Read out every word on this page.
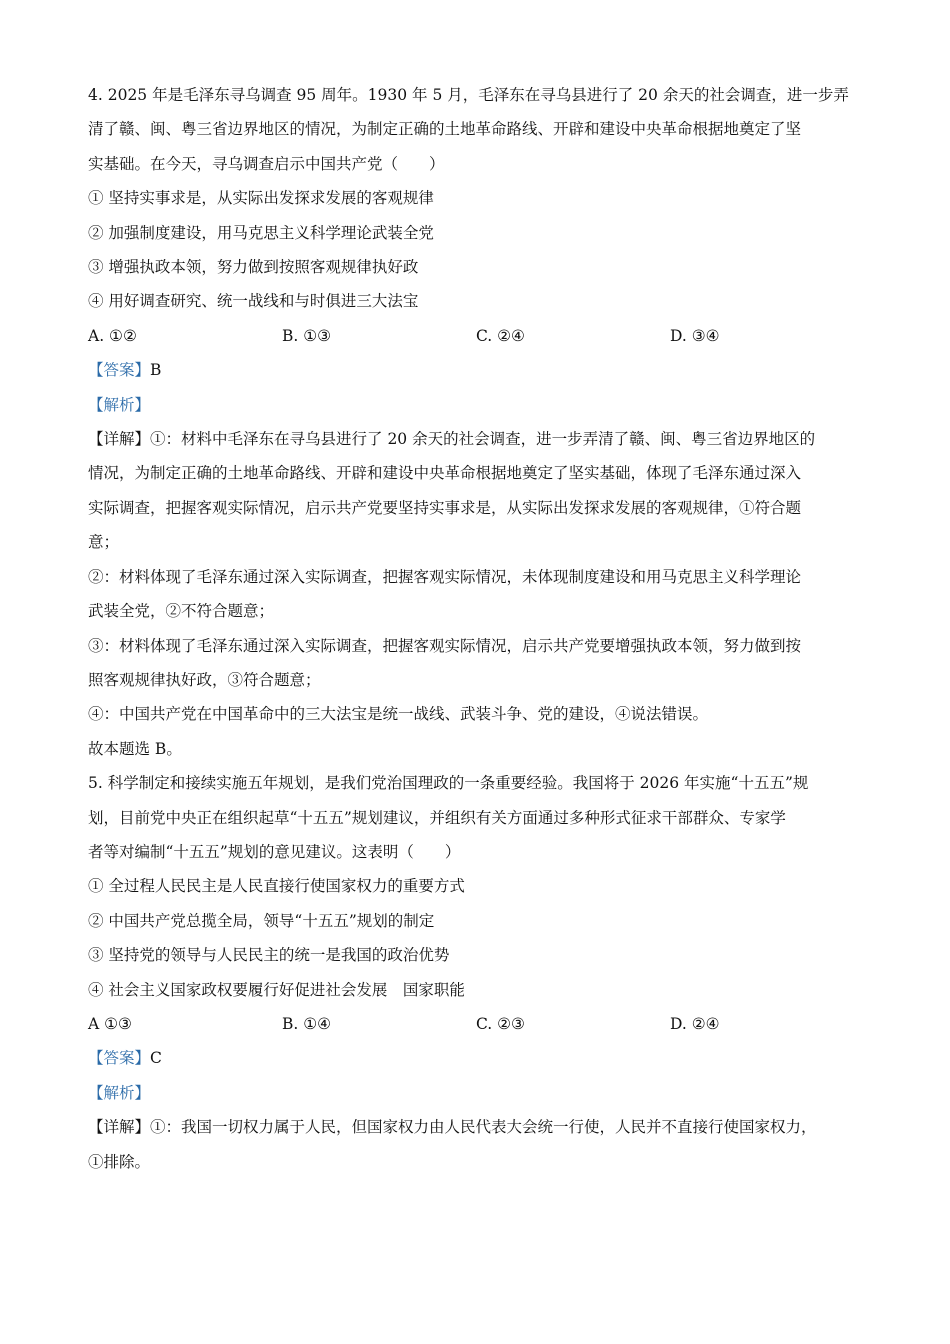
4. 2025 年是毛泽东寻乌调查 95 周年。1930 年 5 月，毛泽东在寻乌县进行了 20 余天的社会调查，进一步弄
清了赣、闽、粤三省边界地区的情况，为制定正确的土地革命路线、开辟和建设中央革命根据地奠定了坚
实基础。在今天，寻乌调查启示中国共产党（　　）
① 坚持实事求是，从实际出发探求发展的客观规律
② 加强制度建设，用马克思主义科学理论武装全党
③ 增强执政本领，努力做到按照客观规律执好政
④ 用好调查研究、统一战线和与时俱进三大法宝
A. ①②	B. ①③	C. ②④	D. ③④
【答案】B
【解析】
【详解】①：材料中毛泽东在寻乌县进行了 20 余天的社会调查，进一步弄清了赣、闽、粤三省边界地区的
情况，为制定正确的土地革命路线、开辟和建设中央革命根据地奠定了坚实基础，体现了毛泽东通过深入
实际调查，把握客观实际情况，启示共产党要坚持实事求是，从实际出发探求发展的客观规律，①符合题
意；
②：材料体现了毛泽东通过深入实际调查，把握客观实际情况，未体现制度建设和用马克思主义科学理论
武装全党，②不符合题意；
③：材料体现了毛泽东通过深入实际调查，把握客观实际情况，启示共产党要增强执政本领，努力做到按
照客观规律执好政，③符合题意；
④：中国共产党在中国革命中的三大法宝是统一战线、武装斗争、党的建设，④说法错误。
故本题选 B。
5. 科学制定和接续实施五年规划，是我们党治国理政的一条重要经验。我国将于 2026 年实施“十五五”规
划，目前党中央正在组织起草“十五五”规划建议，并组织有关方面通过多种形式征求干部群众、专家学
者等对编制“十五五”规划的意见建议。这表明（　　）
① 全过程人民民主是人民直接行使国家权力的重要方式
② 中国共产党总揽全局，领导“十五五”规划的制定
③ 坚持党的领导与人民民主的统一是我国的政治优势
④ 社会主义国家政权要履行好促进社会发展　国家职能
A ①③	B. ①④	C. ②③	D. ②④
【答案】C
【解析】
【详解】①：我国一切权力属于人民，但国家权力由人民代表大会统一行使，人民并不直接行使国家权力，
①排除。
